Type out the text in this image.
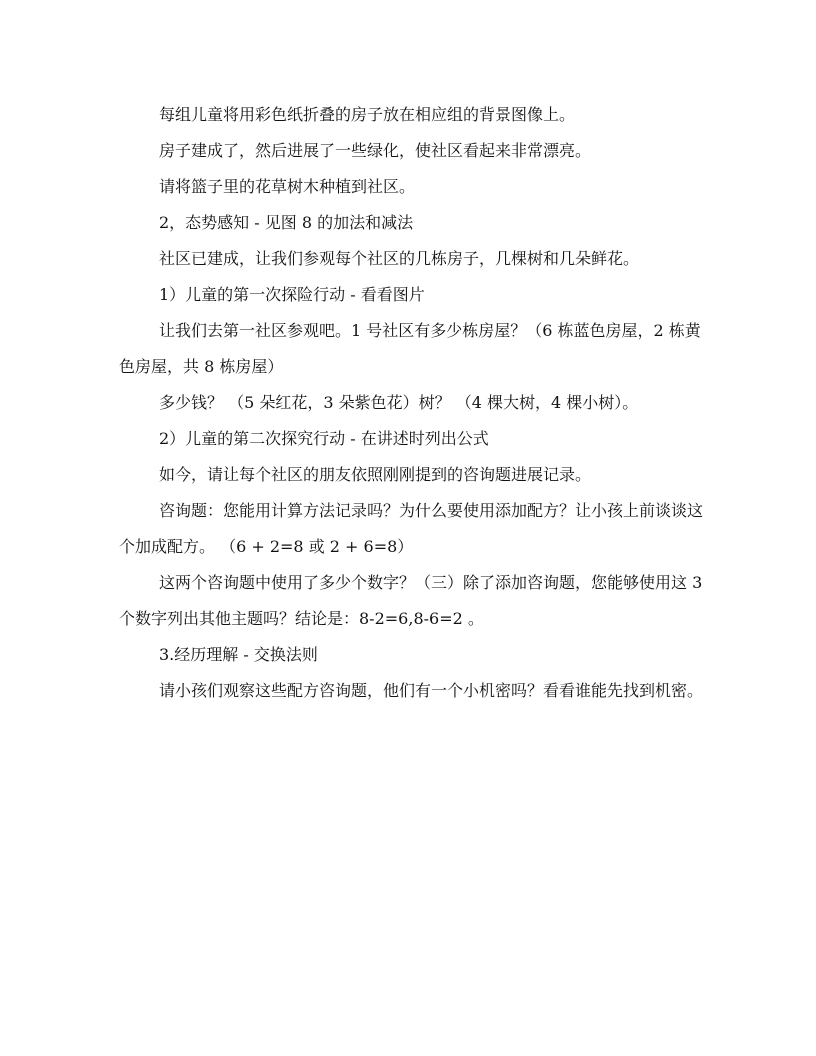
每组儿童将用彩色纸折叠的房子放在相应组的背景图像上。

房子建成了，然后进展了一些绿化，使社区看起来非常漂亮。

请将篮子里的花草树木种植到社区。

2，态势感知 - 见图 8 的加法和减法

社区已建成，让我们参观每个社区的几栋房子，几棵树和几朵鲜花。

1）儿童的第一次探险行动 - 看看图片

让我们去第一社区参观吧。1 号社区有多少栋房屋？（6 栋蓝色房屋，2 栋黄色房屋，共 8 栋房屋）

多少钱？ （5 朵红花，3 朵紫色花）树？ （4 棵大树，4 棵小树）。

2）儿童的第二次探究行动 - 在讲述时列出公式

如今，请让每个社区的朋友依照刚刚提到的咨询题进展记录。

咨询题：您能用计算方法记录吗？为什么要使用添加配方？让小孩上前谈谈这个加成配方。 （6 + 2=8 或 2 + 6=8）

这两个咨询题中使用了多少个数字？（三）除了添加咨询题，您能够使用这 3 个数字列出其他主题吗？结论是：8-2=6,8-6=2 。

3.经历理解 - 交换法则

请小孩们观察这些配方咨询题，他们有一个小机密吗？看看谁能先找到机密。
